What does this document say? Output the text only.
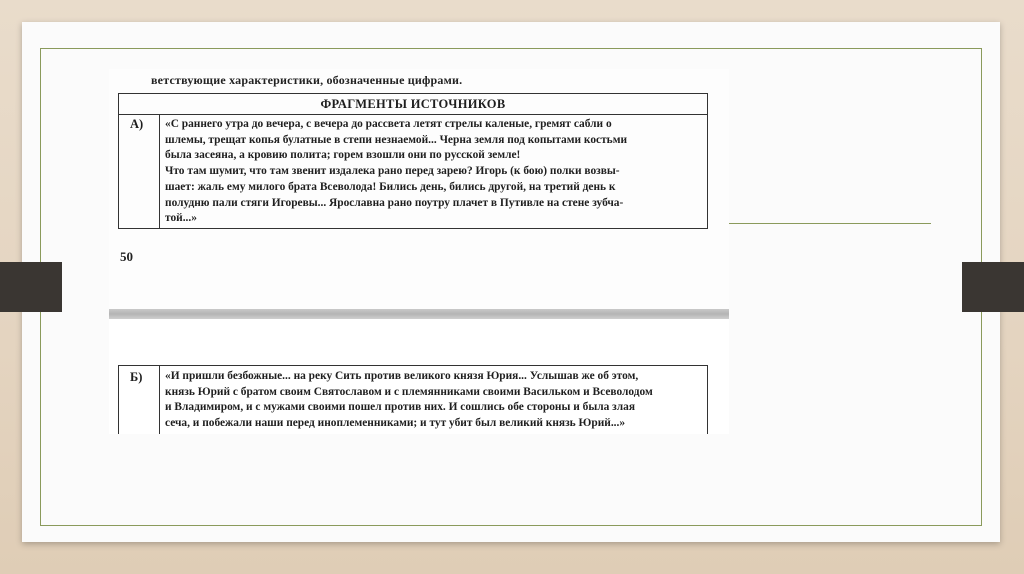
ветствующие характеристики, обозначенные цифрами.
ФРАГМЕНТЫ ИСТОЧНИКОВ
А)	«С раннего утра до вечера, с вечера до рассвета летят стрелы каленые, гремят сабли о
шлемы, трещат копья булатные в степи незнаемой... Черна земля под копытами костьми
была засеяна, а кровию полита; горем взошли они по русской земле!
Что там шумит, что там звенит издалека рано перед зарею? Игорь (к бою) полки возвы-
шает: жаль ему милого брата Всеволода! Бились день, бились другой, на третий день к
полудню пали стяги Игоревы... Ярославна рано поутру плачет в Путивле на стене зубча-
той...»
50
Б)	«И пришли безбожные... на реку Сить против великого князя Юрия... Услышав же об этом,
князь Юрий с братом своим Святославом и с племянниками своими Васильком и Всеволодом
и Владимиром, и с мужами своими пошел против них. И сошлись обе стороны и была злая
сеча, и побежали наши перед иноплеменниками; и тут убит был великий князь Юрий...»
